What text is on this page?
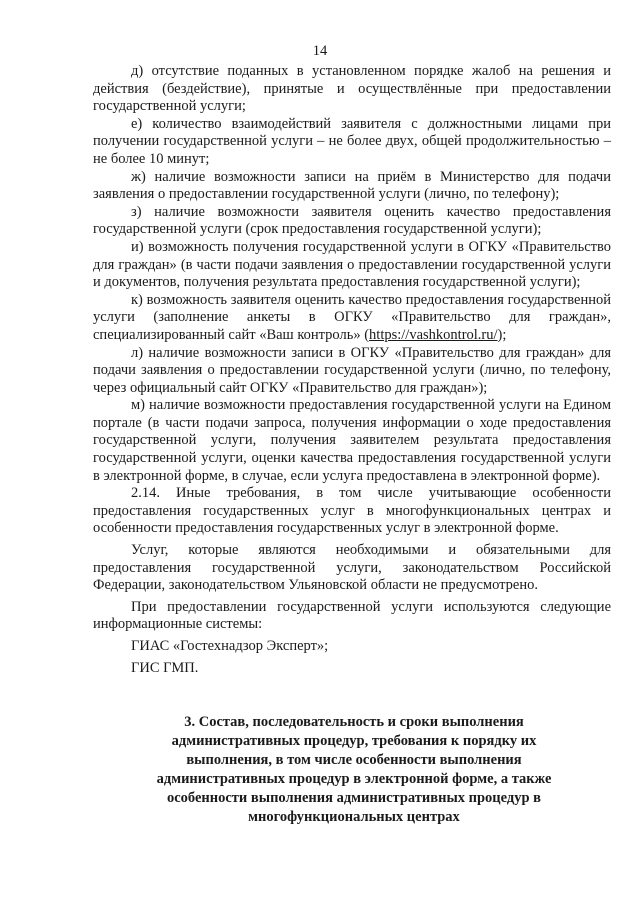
14

д) отсутствие поданных в установленном порядке жалоб на решения и действия (бездействие), принятые и осуществлённые при предоставлении государственной услуги;

е) количество взаимодействий заявителя с должностными лицами при получении государственной услуги – не более двух, общей продолжительностью – не более 10 минут;

ж) наличие возможности записи на приём в Министерство для подачи заявления о предоставлении государственной услуги (лично, по телефону);

з) наличие возможности заявителя оценить качество предоставления государственной услуги (срок предоставления государственной услуги);

и) возможность получения государственной услуги в ОГКУ «Правительство для граждан» (в части подачи заявления о предоставлении государственной услуги и документов, получения результата предоставления государственной услуги);

к) возможность заявителя оценить качество предоставления государственной услуги (заполнение анкеты в ОГКУ «Правительство для граждан», специализированный сайт «Ваш контроль» (https://vashkontrol.ru/);

л) наличие возможности записи в ОГКУ «Правительство для граждан» для подачи заявления о предоставлении государственной услуги (лично, по телефону, через официальный сайт ОГКУ «Правительство для граждан»);

м) наличие возможности предоставления государственной услуги на Едином портале (в части подачи запроса, получения информации о ходе предоставления государственной услуги, получения заявителем результата предоставления государственной услуги, оценки качества предоставления государственной услуги в электронной форме, в случае, если услуга предоставлена в электронной форме).

2.14. Иные требования, в том числе учитывающие особенности предоставления государственных услуг в многофункциональных центрах и особенности предоставления государственных услуг в электронной форме.

Услуг, которые являются необходимыми и обязательными для предоставления государственной услуги, законодательством Российской Федерации, законодательством Ульяновской области не предусмотрено.

При предоставлении государственной услуги используются следующие информационные системы:

ГИАС «Гостехнадзор Эксперт»;

ГИС ГМП.

3. Состав, последовательность и сроки выполнения административных процедур, требования к порядку их выполнения, в том числе особенности выполнения административных процедур в электронной форме, а также особенности выполнения административных процедур в многофункциональных центрах
